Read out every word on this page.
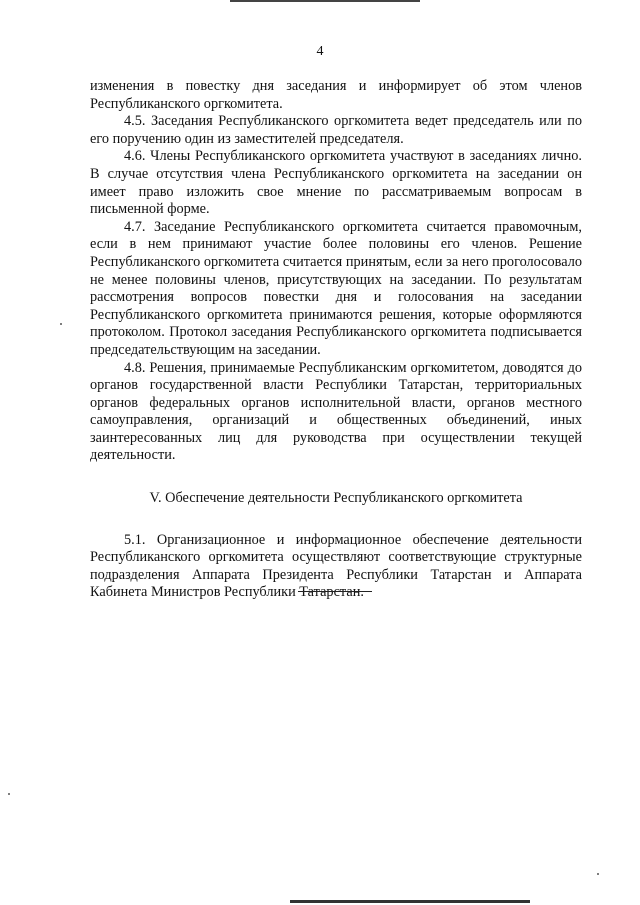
4

изменения в повестку дня заседания и информирует об этом членов Республиканского оргкомитета.

4.5. Заседания Республиканского оргкомитета ведет председатель или по его поручению один из заместителей председателя.

4.6. Члены Республиканского оргкомитета участвуют в заседаниях лично. В случае отсутствия члена Республиканского оргкомитета на заседании он имеет право изложить свое мнение по рассматриваемым вопросам в письменной форме.

4.7. Заседание Республиканского оргкомитета считается правомочным, если в нем принимают участие более половины его членов. Решение Республиканского оргкомитета считается принятым, если за него проголосовало не менее половины членов, присутствующих на заседании. По результатам рассмотрения вопросов повестки дня и голосования на заседании Республиканского оргкомитета принимаются решения, которые оформляются протоколом. Протокол заседания Республиканского оргкомитета подписывается председательствующим на заседании.

4.8. Решения, принимаемые Республиканским оргкомитетом, доводятся до органов государственной власти Республики Татарстан, территориальных органов федеральных органов исполнительной власти, органов местного самоуправления, организаций и общественных объединений, иных заинтересованных лиц для руководства при осуществлении текущей деятельности.

V. Обеспечение деятельности Республиканского оргкомитета

5.1. Организационное и информационное обеспечение деятельности Республиканского оргкомитета осуществляют соответствующие структурные подразделения Аппарата Президента Республики Татарстан и Аппарата Кабинета Министров Республики Татарстан.
